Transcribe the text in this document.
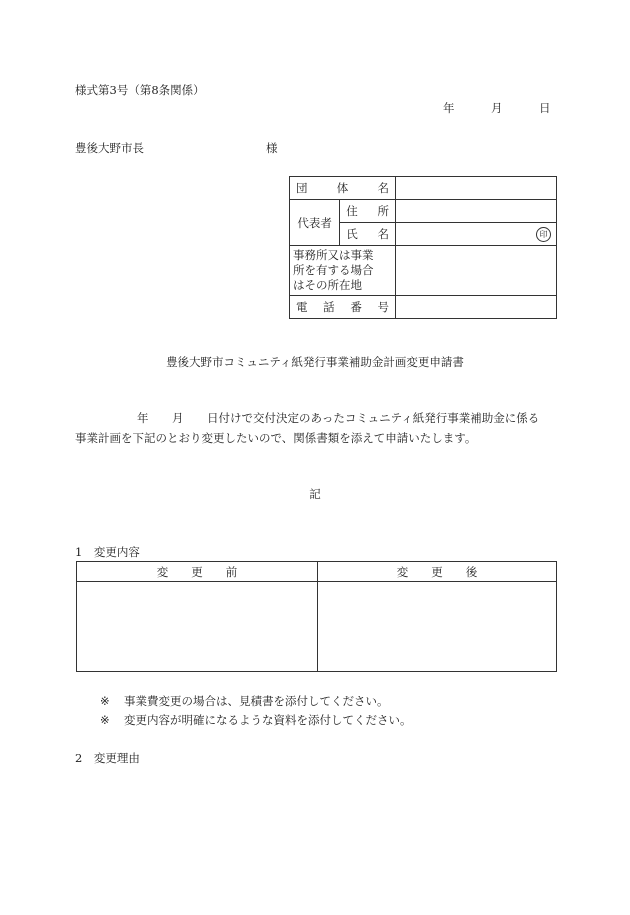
様式第3号（第8条関係）
年	月	日
豊後大野市長	様
団 体 名		

代表者	住 所	

	氏 名	印

事務所又は事業
所を有する場合
はその所在地		

電 話 番 号		

豊後大野市コミュニティ紙発行事業補助金計画変更申請書
年 月 日付けで交付決定のあったコミュニティ紙発行事業補助金に係る
事業計画を下記のとおり変更したいので、関係書類を添えて申請いたします。
記
1　変更内容
変   更   前	変   更   後

※ 事業費変更の場合は、見積書を添付してください。
※ 変更内容が明確になるような資料を添付してください。
2　変更理由
